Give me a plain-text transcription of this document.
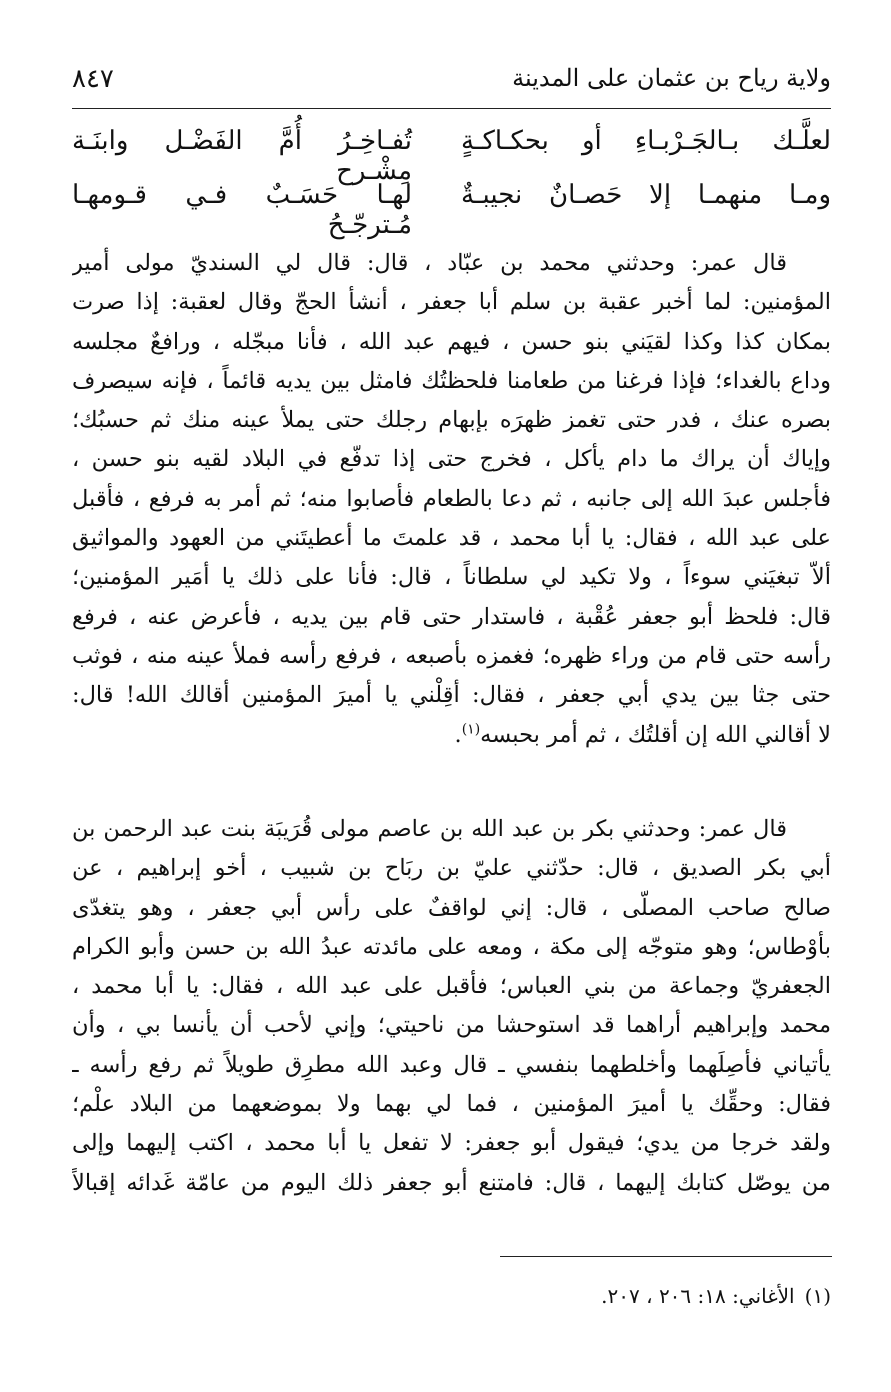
ولاية رياح بن عثمان على المدينة
٨٤٧
لعلَّـك بـالجَـرْبـاءِ أو بحكـاكـةٍ
تُفـاخِـرُ أُمَّ الفَضْـل وابنَـة مِشْـرح
ومـا منهمـا إلا حَصـانٌ نجيبـةٌ
لهـا حَسَـبٌ فـي قـومهـا مُـترجّـحُ
قال عمر: وحدثني محمد بن عبّاد ، قال: قال لي السنديّ مولى أمير
المؤمنين: لما أخبر عقبة بن سلم أبا جعفر ، أنشأ الحجّ وقال لعقبة: إذا صرت
بمكان كذا وكذا لقيَني بنو حسن ، فيهم عبد الله ، فأنا مبجّله ، ورافعٌ مجلسه
وداع بالغداء؛ فإذا فرغنا من طعامنا فلحظتُك فامثل بين يديه قائماً ، فإنه سيصرف
بصره عنك ، فدر حتى تغمز ظهرَه بإبهام رجلك حتى يملأ عينه منك ثم حسبُك؛
وإياك أن يراك ما دام يأكل ، فخرج حتى إذا تدفّع في البلاد لقيه بنو حسن ،
فأجلس عبدَ الله إلى جانبه ، ثم دعا بالطعام فأصابوا منه؛ ثم أمر به فرفع ، فأقبل
على عبد الله ، فقال: يا أبا محمد ، قد علمتَ ما أعطيتَني من العهود والمواثيق
ألاّ تبغيَني سوءاً ، ولا تكيد لي سلطاناً ، قال: فأنا على ذلك يا أمَير المؤمنين؛
قال: فلحظ أبو جعفر عُقْبة ، فاستدار حتى قام بين يديه ، فأعرض عنه ، فرفع
رأسه حتى قام من وراء ظهره؛ فغمزه بأصبعه ، فرفع رأسه فملأ عينه منه ، فوثب
حتى جثا بين يدي أبي جعفر ، فقال: أقِلْني يا أميرَ المؤمنين أقالك الله! قال:
لا أقالني الله إن أقلتُك ، ثم أمر بحبسه$^{(١)}$.
قال عمر: وحدثني بكر بن عبد الله بن عاصم مولى قُرَيبَة بنت عبد الرحمن بن
أبي بكر الصديق ، قال: حدّثني عليّ بن ربَاح بن شبيب ، أخو إبراهيم ، عن
صالح صاحب المصلّى ، قال: إني لواقفٌ على رأس أبي جعفر ، وهو يتغدّى
بأوْطاس؛ وهو متوجّه إلى مكة ، ومعه على مائدته عبدُ الله بن حسن وأبو الكرام
الجعفريّ وجماعة من بني العباس؛ فأقبل على عبد الله ، فقال: يا أبا محمد ،
محمد وإبراهيم أراهما قد استوحشا من ناحيتي؛ وإني لأحب أن يأنسا بي ، وأن
يأتياني فأصِلَهما وأخلطهما بنفسي ـ قال وعبد الله مطرِق طويلاً ثم رفع رأسه ـ
فقال: وحقِّك يا أميرَ المؤمنين ، فما لي بهما ولا بموضعهما من البلاد علْم؛
ولقد خرجا من يدي؛ فيقول أبو جعفر: لا تفعل يا أبا محمد ، اكتب إليهما وإلى
من يوصّل كتابك إليهما ، قال: فامتنع أبو جعفر ذلك اليوم من عامّة غَدائه إقبالاً
(١)الأغاني: ١٨: ٢٠٦ ، ٢٠٧.
